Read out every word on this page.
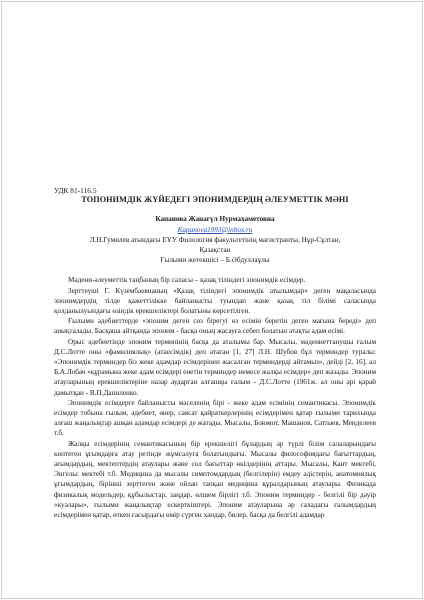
УДК 81-116.5
ТОПОНИМДІК ЖҮЙЕДЕГІ ЭПОНИМДЕРДІҢ ӘЛЕУМЕТТІК МӘНІ
Капанова Жанагүл Нурмахаметовна
Kapanova1993@inbox.ru
Л.Н.Гумилев атындағы ЕҰУ Филология факультетінің магистранты, Нұр-Сұлтан,
Қазақстан
Ғылыми жетекшісі – Б.Әбдуллаұлы

Мәдени-әлеуметтік таңбаның бір саласы – қазақ тіліндегі эпонимдік есімдер.

Зерттеуші Г. Күзембаевианың «Қазақ тіліндегі эпонимдік атылымдар» деген мақаласында эпонимдердің тілде қажеттілікке байланысты туындап және қазақ тіл білімі саласында қолданылуындағы өзіндік ерекшеліктері болатыны көрсетілген.

Ғылыми әдебиеттерде «эпоним деген сөз бірегуі өз есімін беретін деген мағына береді» деп анықталады. Басқаша айтқанда эпоним - басқа оның жасауға себеп болатын атақты адам есімі.

Орыс әдебиетінде эпоним терминінің басқа да аталымы бар. Мысалы, мәдениеттанушы ғалым Д.С.Лотте оны «фамилиялық» (атаесімдік) деп атаған [1, 27] Л.Н. Шубов бұл терминдер туралы: «Эпонимдік терминдер біз жеке адамдар есімдерінен жасалған терминдерді айтамыз», дейді [2, 16], ал Б.А.Лобач «құрамына жеке адам есімдері енетін терминдер немесе жалқы есімдер» деп жазады. Эпоним атауларының ерекшеліктеріне назар аударған алғашқы ғалым - Д.С.Лотте (1961ж. ал оны әрі қарай дамытқан - В.П.Даниленко.

Эпонимдік есімдерге байланысты мәселенің бірі - жеке адам есімінің семантикасы. Эпонимдік есімдер тобына ғылым, әдебиет, өнер, саясат қайраткерлерінің есімдерімен қатар ғылыми тарихында алғаш жаңалықтар ашқан адамдар есімдері де жатады. Мысалы, Боюмот, Машанов, Сатпаев, Менделеев т.б.

Жалқы есімдерінің семантикасының бір ерекшелігі бұлардың әр түрлі білім салаларындағы көптеген ұғымдарға атау ретінде жұмсалуға болатындығы. Мысалы философиядағы бағыттардың, ағымдардың, мектептердің атаулары және сол бағыттар өкілдерінің аттары. Мысалы, Кант мектебі, Энгельс мектебі т.б. Медицина да мысалы симптомдардың (белгілерін) емдеу әдістерін, анатомиялық ұғымдардың, бірінші зерттеген және ойлап тапқан медицина құралдарының атаулары. Физикада физикалық модельдер, құбылыстар, заңдар, өлшем бірлігі т.б. Эпоним терминдер - белгілі бір дәуір «куәлары», ғылыми жаңалықтар ескерткіштері. Эпоним атауларына әр саладағы ғалымдардың есімдерімен қатар, өткен ғасырдағы өмір сүрген хандар, билер, басқа да белгілі адамдар
